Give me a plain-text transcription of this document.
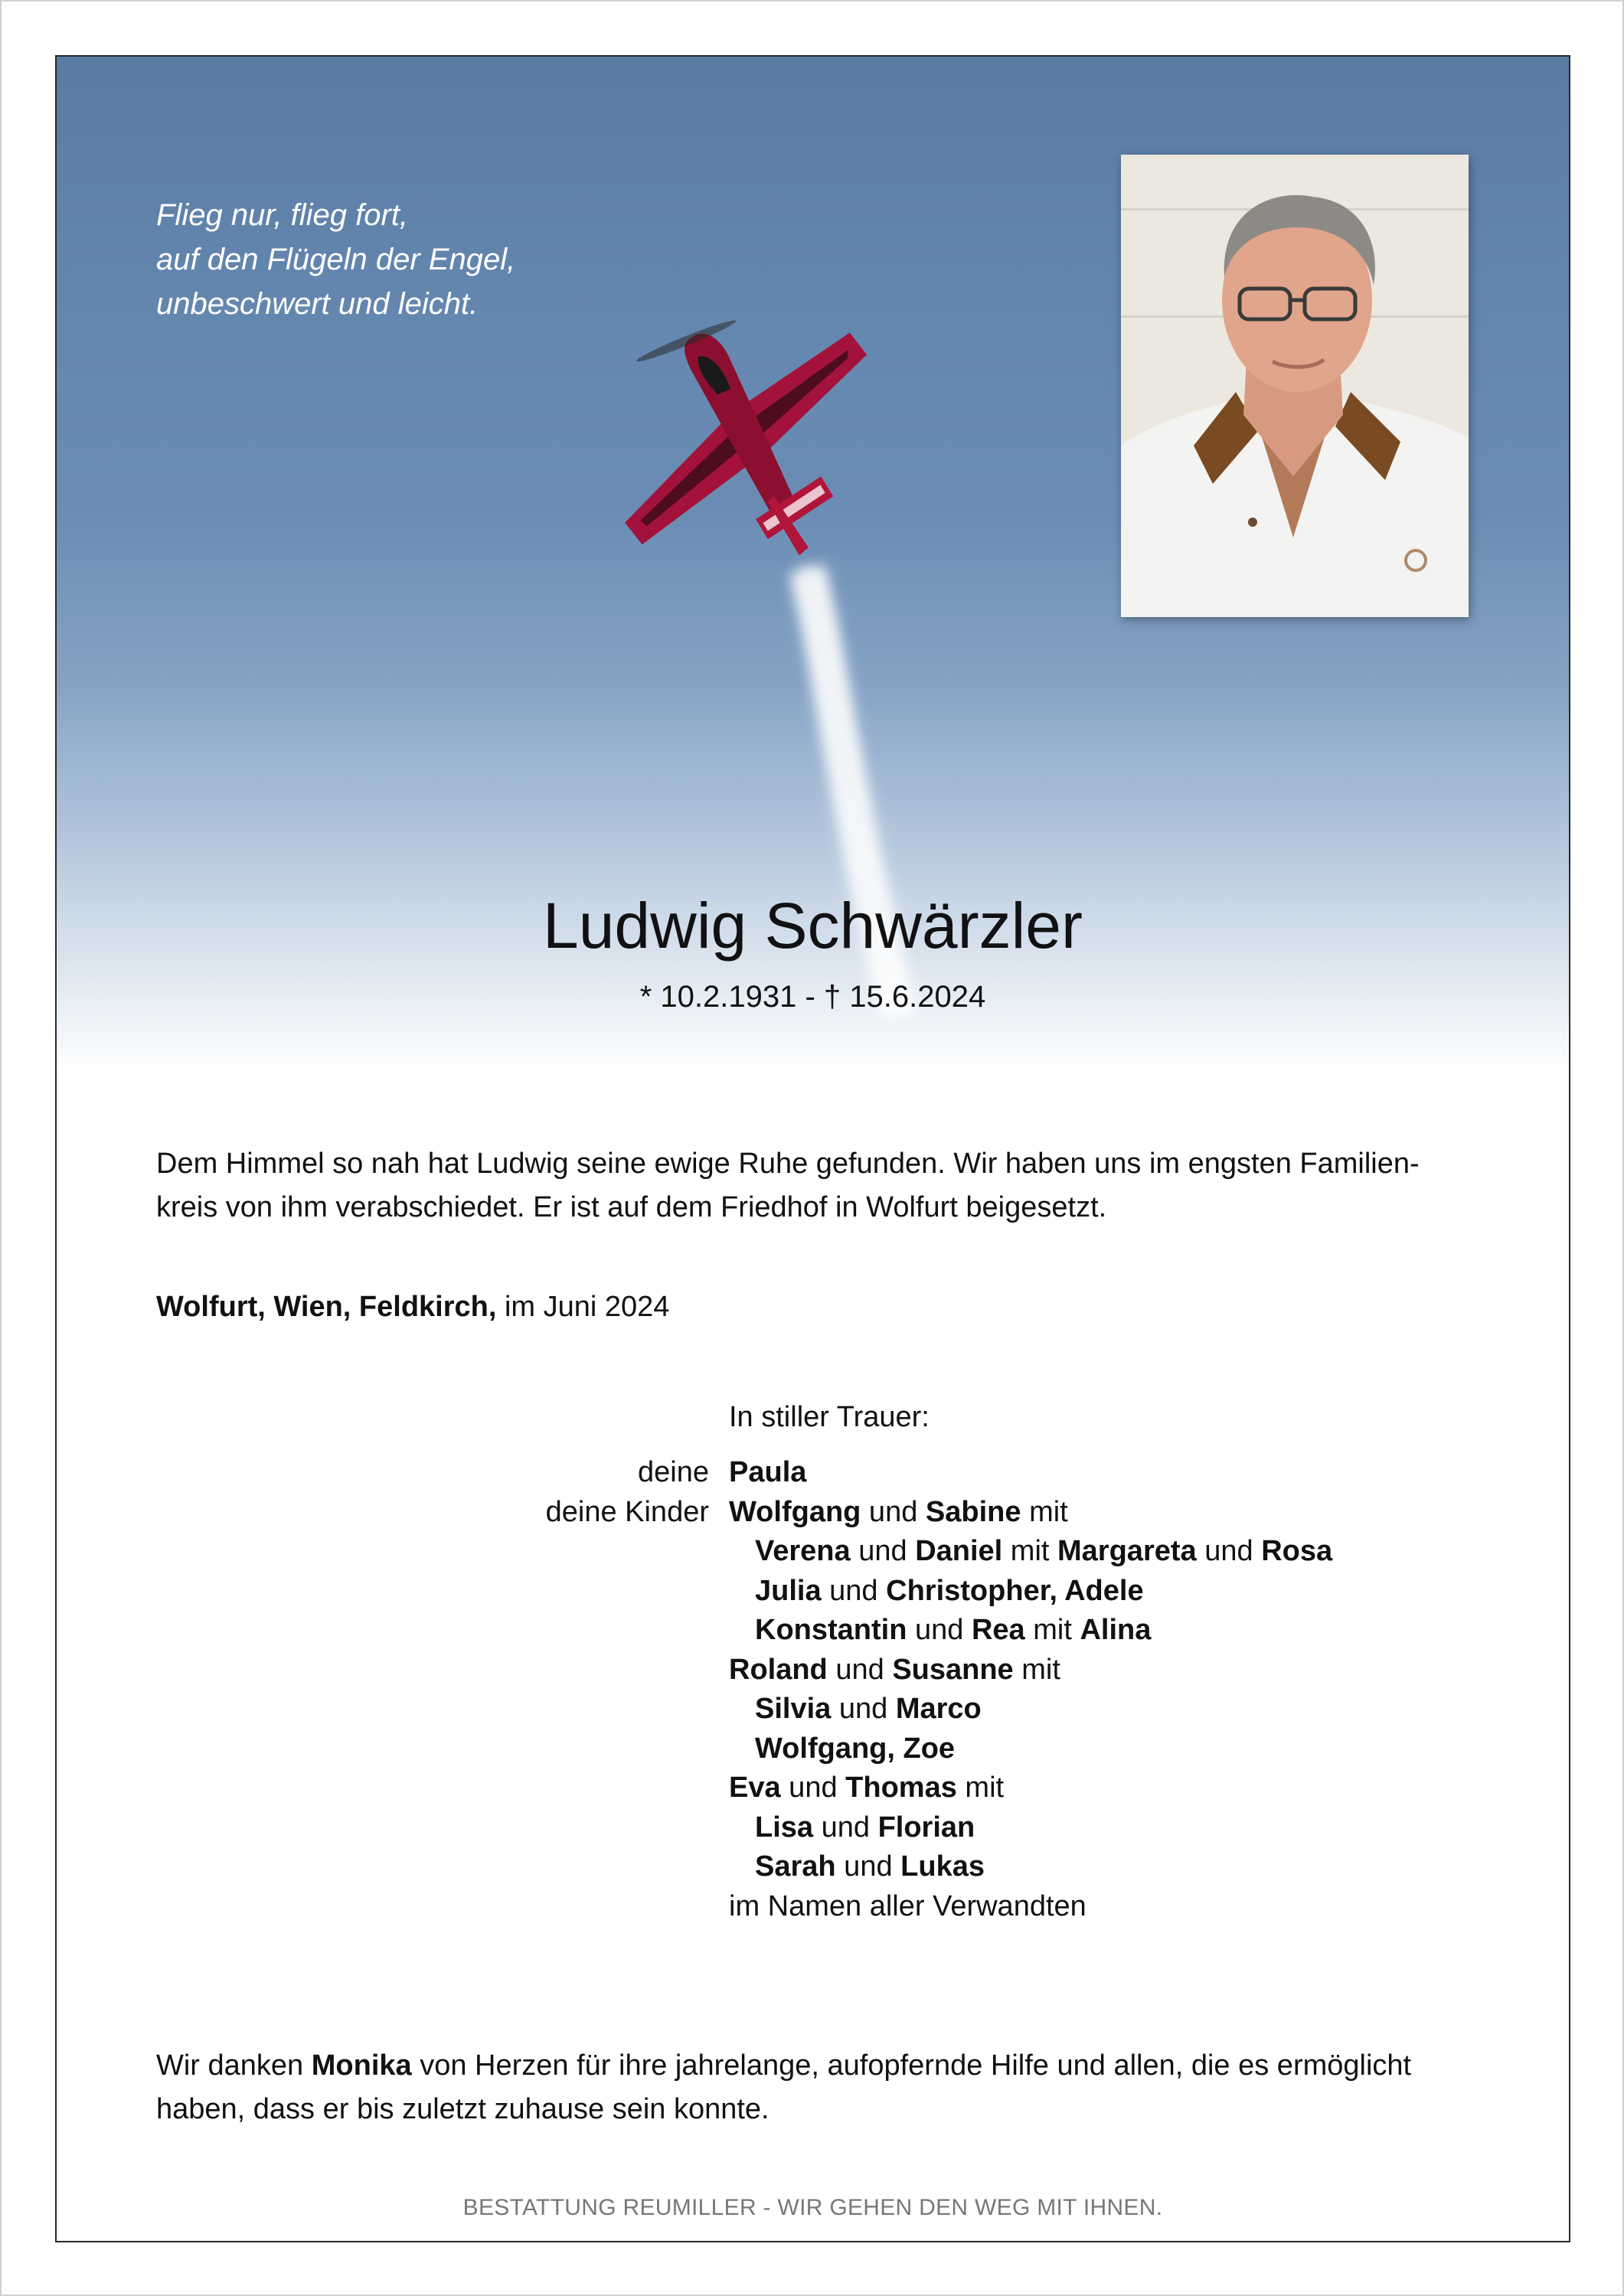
Flieg nur, flieg fort,
auf den Flügeln der Engel,
unbeschwert und leicht.
Ludwig Schwärzler
* 10.2.1931 - † 15.6.2024
Dem Himmel so nah hat Ludwig seine ewige Ruhe gefunden. Wir haben uns im engsten Familien-
kreis von ihm verabschiedet. Er ist auf dem Friedhof in Wolfurt beigesetzt.
Wolfurt, Wien, Feldkirch, im Juni 2024
In stiller Trauer:
deine
deine Kinder
Paula
Wolfgang und Sabine mit
Verena und Daniel mit Margareta und Rosa
Julia und Christopher, Adele
Konstantin und Rea mit Alina
Roland und Susanne mit
Silvia und Marco
Wolfgang, Zoe
Eva und Thomas mit
Lisa und Florian
Sarah und Lukas
im Namen aller Verwandten
Wir danken Monika von Herzen für ihre jahrelange, aufopfernde Hilfe und allen, die es ermöglicht
haben, dass er bis zuletzt zuhause sein konnte.
BESTATTUNG REUMILLER - WIR GEHEN DEN WEG MIT IHNEN.
